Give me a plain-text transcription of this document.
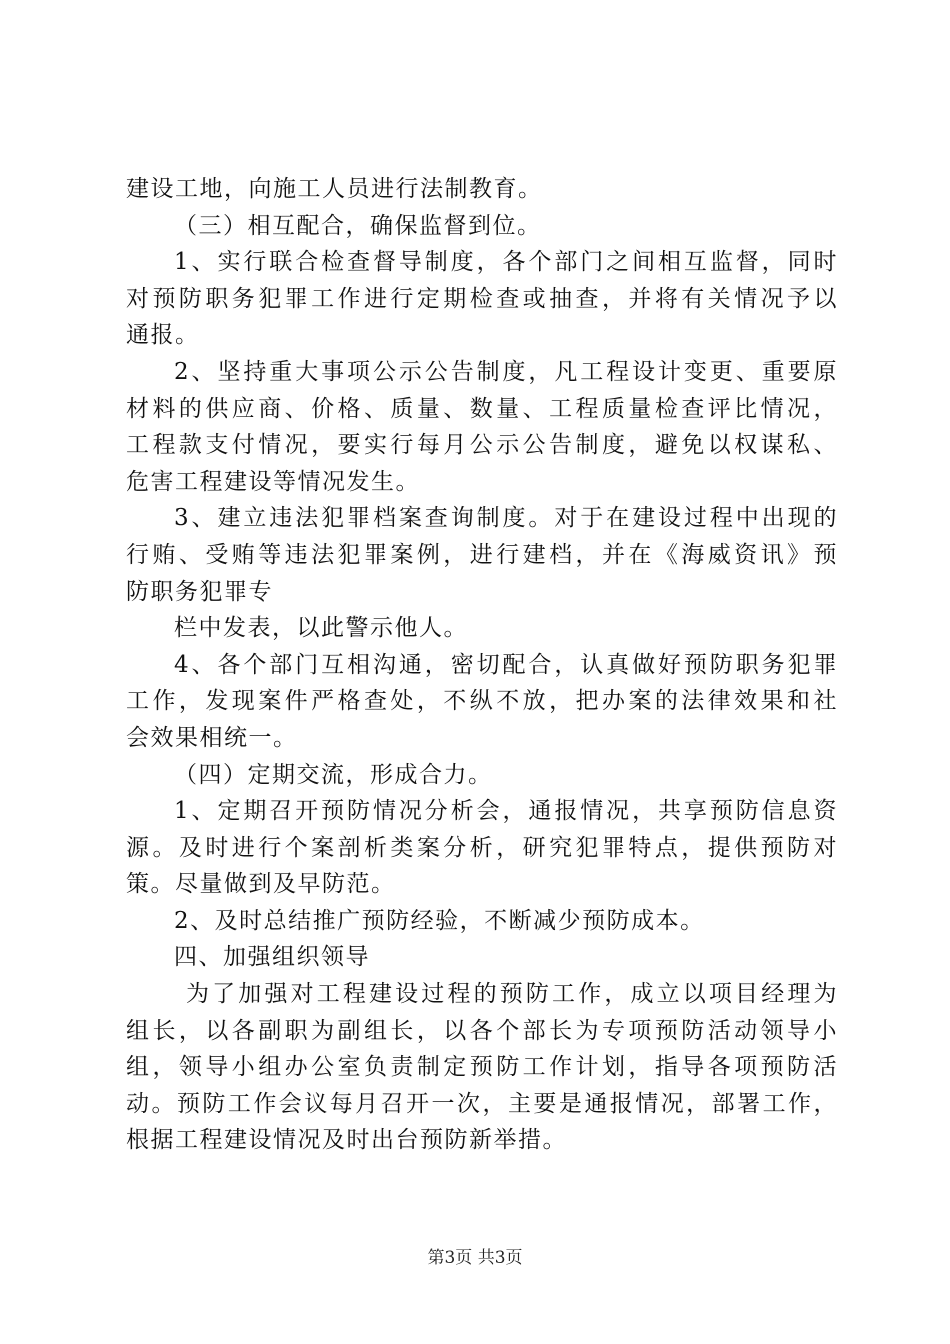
建设工地，向施工人员进行法制教育。
（三）相互配合，确保监督到位。
1、实行联合检查督导制度，各个部门之间相互监督，同时
对预防职务犯罪工作进行定期检查或抽查，并将有关情况予以
通报。
2、坚持重大事项公示公告制度，凡工程设计变更、重要原
材料的供应商、价格、质量、数量、工程质量检查评比情况，
工程款支付情况，要实行每月公示公告制度，避免以权谋私、
危害工程建设等情况发生。
3、建立违法犯罪档案查询制度。对于在建设过程中出现的
行贿、受贿等违法犯罪案例，进行建档，并在《海威资讯》预
防职务犯罪专
栏中发表，以此警示他人。
4、各个部门互相沟通，密切配合，认真做好预防职务犯罪
工作，发现案件严格查处，不纵不放，把办案的法律效果和社
会效果相统一。
（四）定期交流，形成合力。
1、定期召开预防情况分析会，通报情况，共享预防信息资
源。及时进行个案剖析类案分析，研究犯罪特点，提供预防对
策。尽量做到及早防范。
2、及时总结推广预防经验，不断减少预防成本。
四、加强组织领导
为了加强对工程建设过程的预防工作，成立以项目经理为
组长，以各副职为副组长，以各个部长为专项预防活动领导小
组，领导小组办公室负责制定预防工作计划，指导各项预防活
动。预防工作会议每月召开一次，主要是通报情况，部署工作，
根据工程建设情况及时出台预防新举措。
第3页 共3页
